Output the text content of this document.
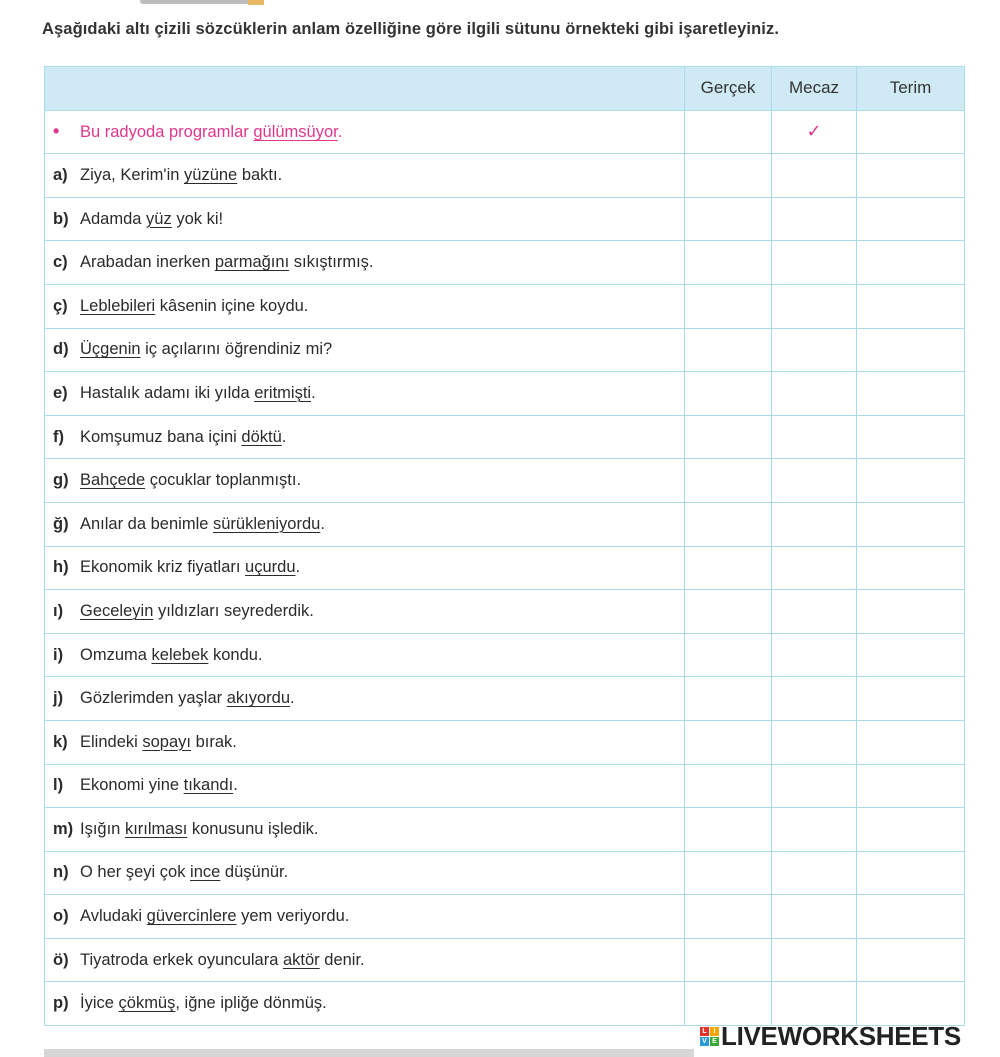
Aşağıdaki altı çizili sözcüklerin anlam özelliğine göre ilgili sütunu örnekteki gibi işaretleyiniz.
	Gerçek	Mecaz	Terim
• Bu radyoda programlar gülümsüyor.		✓	
a) Ziya, Kerim'in yüzüne baktı.			
b) Adamda yüz yok ki!			
c) Arabadan inerken parmağını sıkıştırmış.			
ç) Leblebileri kâsenin içine koydu.			
d) Üçgenin iç açılarını öğrendiniz mi?			
e) Hastalık adamı iki yılda eritmişti.			
f) Komşumuz bana içini döktü.			
g) Bahçede çocuklar toplanmıştı.			
ğ) Anılar da benimle sürükleniyordu.			
h) Ekonomik kriz fiyatları uçurdu.			
ı) Geceleyin yıldızları seyrederdik.			
i) Omzuma kelebek kondu.			
j) Gözlerimden yaşlar akıyordu.			
k) Elindeki sopayı bırak.			
l) Ekonomi yine tıkandı.			
m) Işığın kırılması konusunu işledik.			
n) O her şeyi çok ince düşünür.			
o) Avludaki güvercinlere yem veriyordu.			
ö) Tiyatroda erkek oyunculara aktör denir.			
p) İyice çökmüş, iğne ipliğe dönmüş.			
L I
V E LIVEWORKSHEETS
